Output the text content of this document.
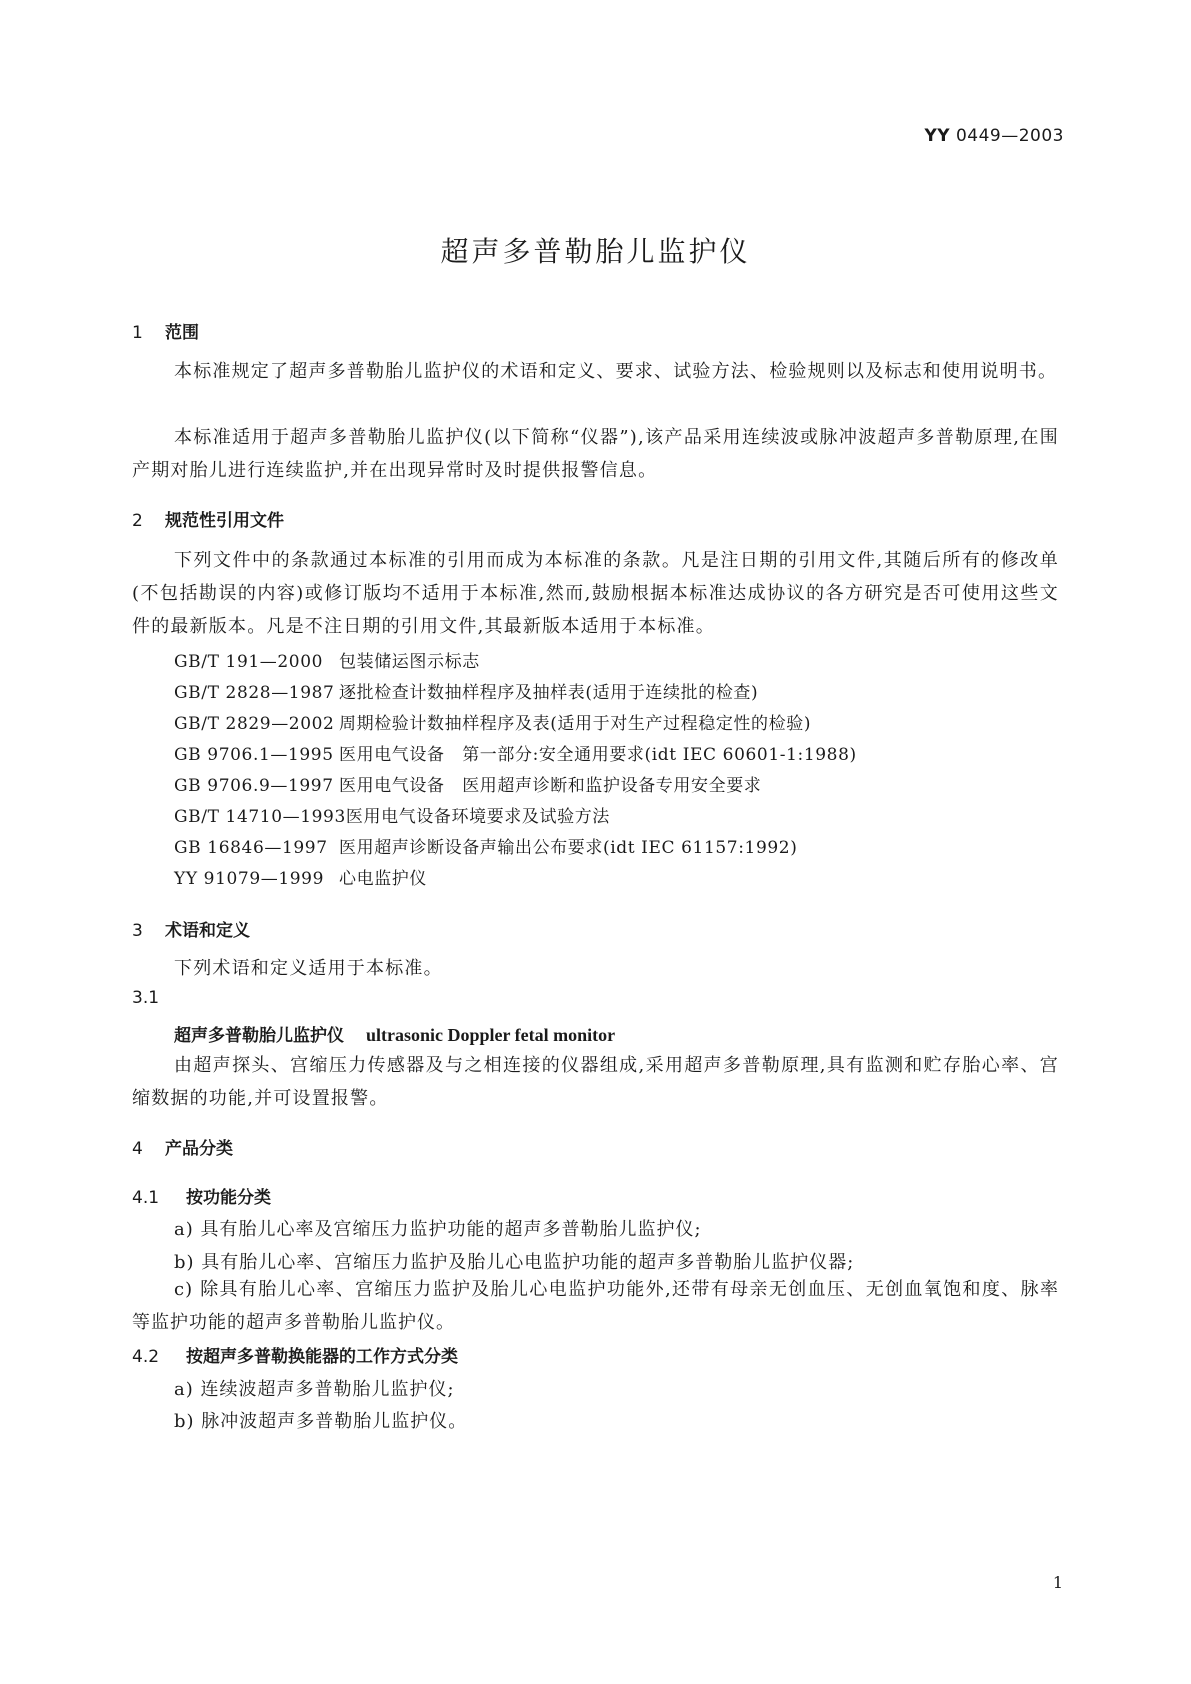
YY 0449—2003
超声多普勒胎儿监护仪
1 范围
本标准规定了超声多普勒胎儿监护仪的术语和定义、要求、试验方法、检验规则以及标志和使用说明书。
本标准适用于超声多普勒胎儿监护仪(以下简称“仪器”),该产品采用连续波或脉冲波超声多普勒原理,在围产期对胎儿进行连续监护,并在出现异常时及时提供报警信息。
2 规范性引用文件
下列文件中的条款通过本标准的引用而成为本标准的条款。凡是注日期的引用文件,其随后所有的修改单(不包括勘误的内容)或修订版均不适用于本标准,然而,鼓励根据本标准达成协议的各方研究是否可使用这些文件的最新版本。凡是不注日期的引用文件,其最新版本适用于本标准。
GB/T 191—2000 包装储运图示标志
GB/T 2828—1987 逐批检查计数抽样程序及抽样表(适用于连续批的检查)
GB/T 2829—2002 周期检验计数抽样程序及表(适用于对生产过程稳定性的检验)
GB 9706.1—1995 医用电气设备　第一部分:安全通用要求(idt IEC 60601-1:1988)
GB 9706.9—1997 医用电气设备　医用超声诊断和监护设备专用安全要求
GB/T 14710—1993医用电气设备环境要求及试验方法
GB 16846—1997 医用超声诊断设备声输出公布要求(idt IEC 61157:1992)
YY 91079—1999 心电监护仪
3 术语和定义
下列术语和定义适用于本标准。
3.1
超声多普勒胎儿监护仪 ultrasonic Doppler fetal monitor
由超声探头、宫缩压力传感器及与之相连接的仪器组成,采用超声多普勒原理,具有监测和贮存胎心率、宫缩数据的功能,并可设置报警。
4 产品分类
4.1 按功能分类
a) 具有胎儿心率及宫缩压力监护功能的超声多普勒胎儿监护仪;
b) 具有胎儿心率、宫缩压力监护及胎儿心电监护功能的超声多普勒胎儿监护仪器;
c) 除具有胎儿心率、宫缩压力监护及胎儿心电监护功能外,还带有母亲无创血压、无创血氧饱和度、脉率等监护功能的超声多普勒胎儿监护仪。
4.2 按超声多普勒换能器的工作方式分类
a) 连续波超声多普勒胎儿监护仪;
b) 脉冲波超声多普勒胎儿监护仪。
1
